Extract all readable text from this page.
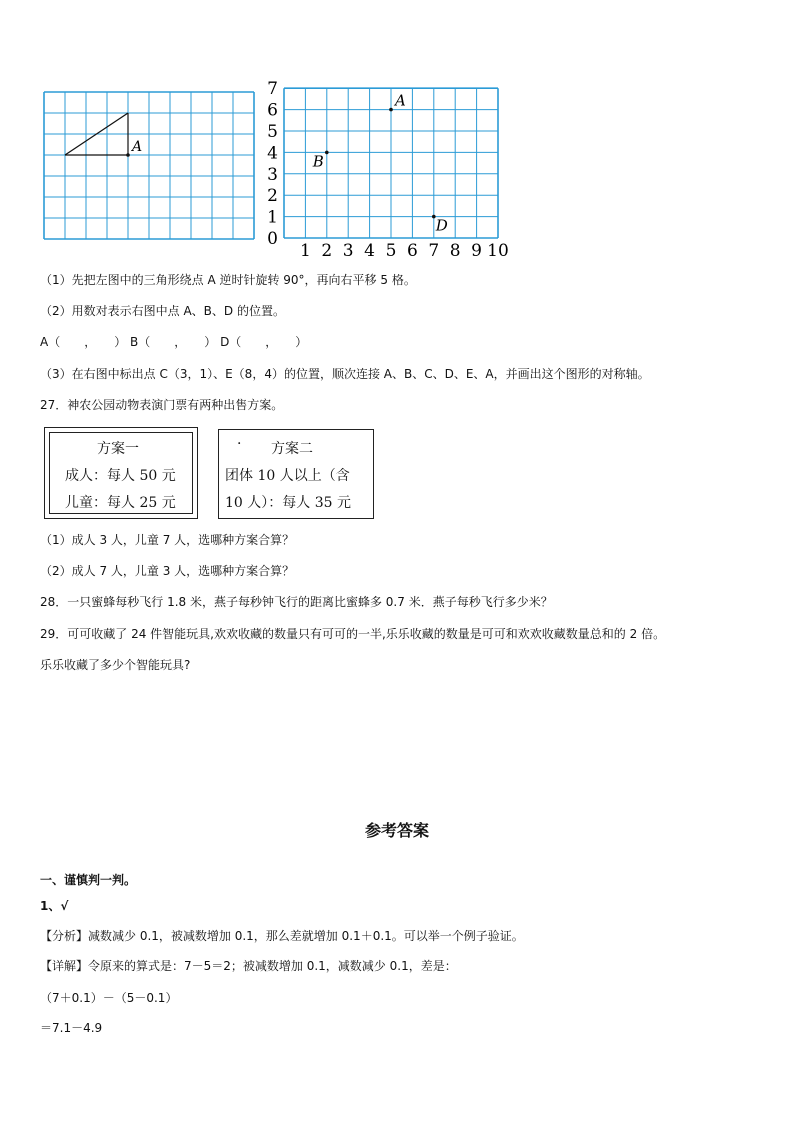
A
0
1
2
3
4
5
6
7
1 2 3 4 5 6 7 8 9 10
A
B
D
（1）先把左图中的三角形绕点 A 逆时针旋转 90°，再向右平移 5 格。
（2）用数对表示右图中点 A、B、D 的位置。
A（　　，　　） B（　　，　　） D（　　，　　）
（3）在右图中标出点 C（3，1）、E（8，4）的位置，顺次连接 A、B、C、D、E、A，并画出这个图形的对称轴。
27．神农公园动物表演门票有两种出售方案。
方案一
成人：每人 50 元
儿童：每人 25 元
· 方案二
团体 10 人以上（含
10 人）：每人 35 元
（1）成人 3 人，儿童 7 人，选哪种方案合算？
（2）成人 7 人，儿童 3 人，选哪种方案合算？
28．一只蜜蜂每秒飞行 1.8 米，燕子每秒钟飞行的距离比蜜蜂多 0.7 米．燕子每秒飞行多少米？
29．可可收藏了 24 件智能玩具,欢欢收藏的数量只有可可的一半,乐乐收藏的数量是可可和欢欢收藏数量总和的 2 倍。
乐乐收藏了多少个智能玩具?
参考答案
一、谨慎判一判。
1、√
【分析】减数减少 0.1，被减数增加 0.1，那么差就增加 0.1＋0.1。可以举一个例子验证。
【详解】令原来的算式是：7－5＝2；被减数增加 0.1，减数减少 0.1，差是：
（7＋0.1）－（5－0.1）
＝7.1－4.9
